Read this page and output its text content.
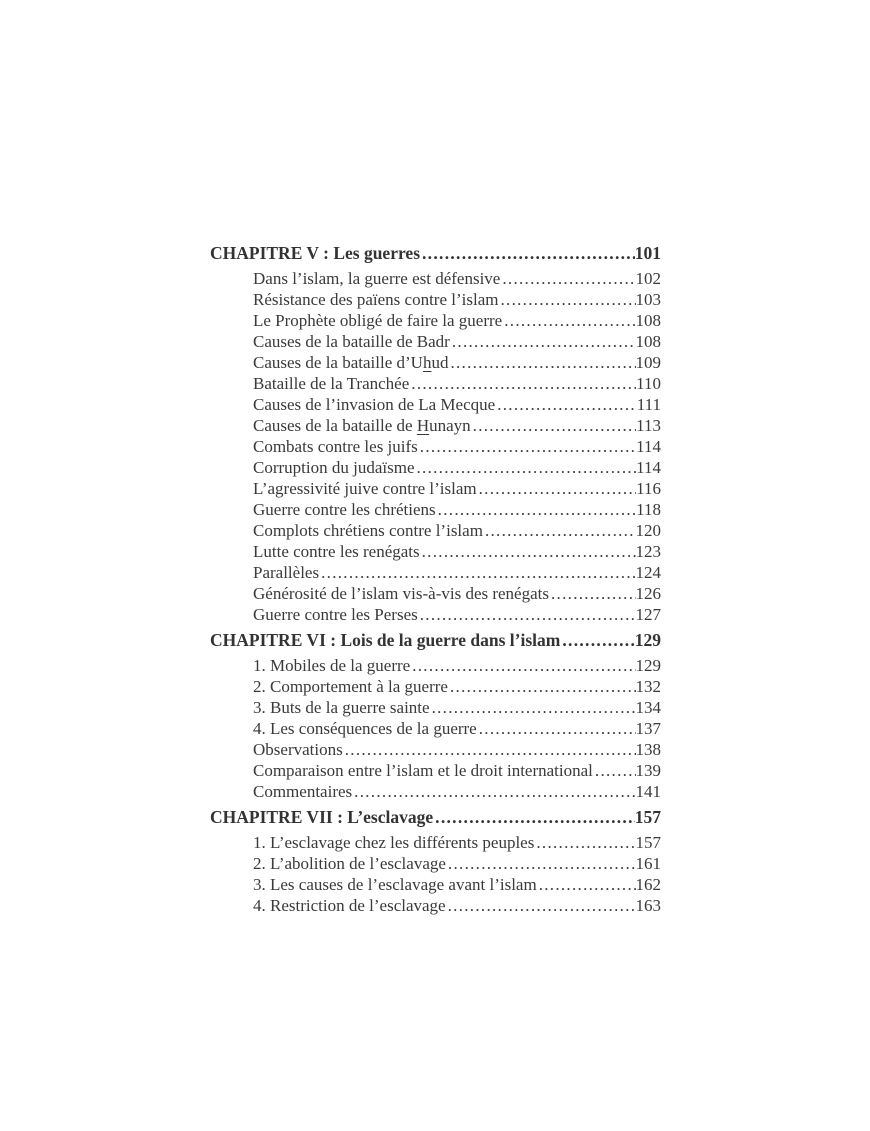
CHAPITRE V : Les guerres .....	101
Dans l’islam, la guerre est défensive .....	102
Résistance des païens contre l’islam .....	103
Le Prophète obligé de faire la guerre .....	108
Causes de la bataille de Badr .....	108
Causes de la bataille d’Uhud .....	109
Bataille de la Tranchée .....	110
Causes de l’invasion de La Mecque .....	111
Causes de la bataille de Hunayn .....	113
Combats contre les juifs .....	114
Corruption du judaïsme .....	114
L’agressivité juive contre l’islam .....	116
Guerre contre les chrétiens .....	118
Complots chrétiens contre l’islam .....	120
Lutte contre les renégats .....	123
Parallèles .....	124
Générosité de l’islam vis-à-vis des renégats .....	126
Guerre contre les Perses .....	127
CHAPITRE VI : Lois de la guerre dans l’islam .....	129
1. Mobiles de la guerre .....	129
2. Comportement à la guerre .....	132
3. Buts de la guerre sainte .....	134
4. Les conséquences de la guerre .....	137
Observations .....	138
Comparaison entre l’islam et le droit international .....	139
Commentaires .....	141
CHAPITRE VII : L’esclavage .....	157
1. L’esclavage chez les différents peuples .....	157
2. L’abolition de l’esclavage .....	161
3. Les causes de l’esclavage avant l’islam .....	162
4. Restriction de l’esclavage .....	163
